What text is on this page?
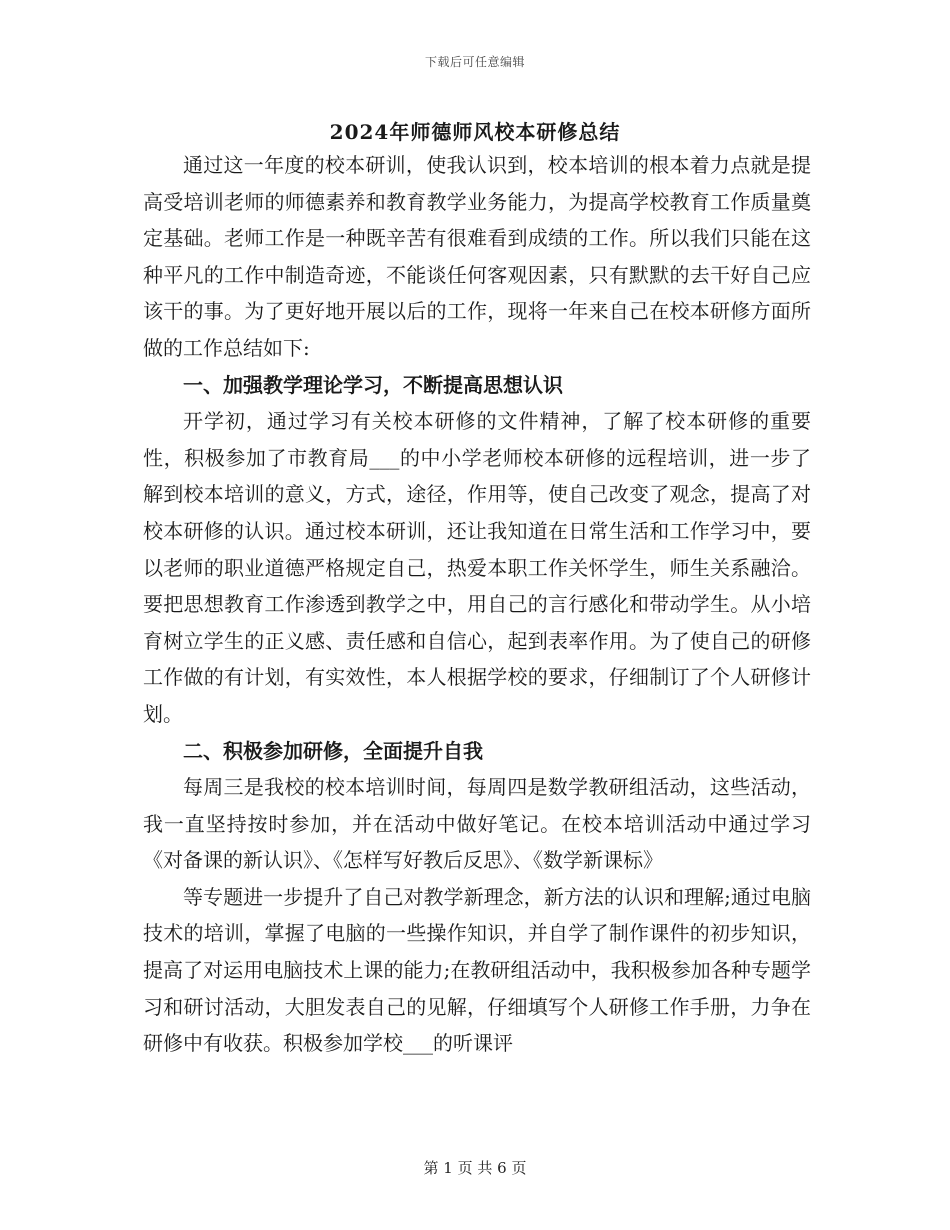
下载后可任意编辑
2024年师德师风校本研修总结

通过这一年度的校本研训，使我认识到，校本培训的根本着力点就是提高受培训老师的师德素养和教育教学业务能力，为提高学校教育工作质量奠定基础。老师工作是一种既辛苦有很难看到成绩的工作。所以我们只能在这种平凡的工作中制造奇迹，不能谈任何客观因素，只有默默的去干好自己应该干的事。为了更好地开展以后的工作，现将一年来自己在校本研修方面所做的工作总结如下:

一、加强教学理论学习，不断提高思想认识

开学初，通过学习有关校本研修的文件精神，了解了校本研修的重要性，积极参加了市教育局___的中小学老师校本研修的远程培训，进一步了解到校本培训的意义，方式，途径，作用等，使自己改变了观念，提高了对校本研修的认识。通过校本研训，还让我知道在日常生活和工作学习中，要以老师的职业道德严格规定自己，热爱本职工作关怀学生，师生关系融洽。要把思想教育工作渗透到教学之中，用自己的言行感化和带动学生。从小培育树立学生的正义感、责任感和自信心，起到表率作用。为了使自己的研修工作做的有计划，有实效性，本人根据学校的要求，仔细制订了个人研修计划。

二、积极参加研修，全面提升自我

每周三是我校的校本培训时间，每周四是数学教研组活动，这些活动，我一直坚持按时参加，并在活动中做好笔记。在校本培训活动中通过学习《对备课的新认识》、《怎样写好教后反思》、《数学新课标》

等专题进一步提升了自己对教学新理念，新方法的认识和理解;通过电脑技术的培训，掌握了电脑的一些操作知识，并自学了制作课件的初步知识，提高了对运用电脑技术上课的能力;在教研组活动中，我积极参加各种专题学习和研讨活动，大胆发表自己的见解，仔细填写个人研修工作手册，力争在研修中有收获。积极参加学校___的听课评

第 1 页 共 6 页
